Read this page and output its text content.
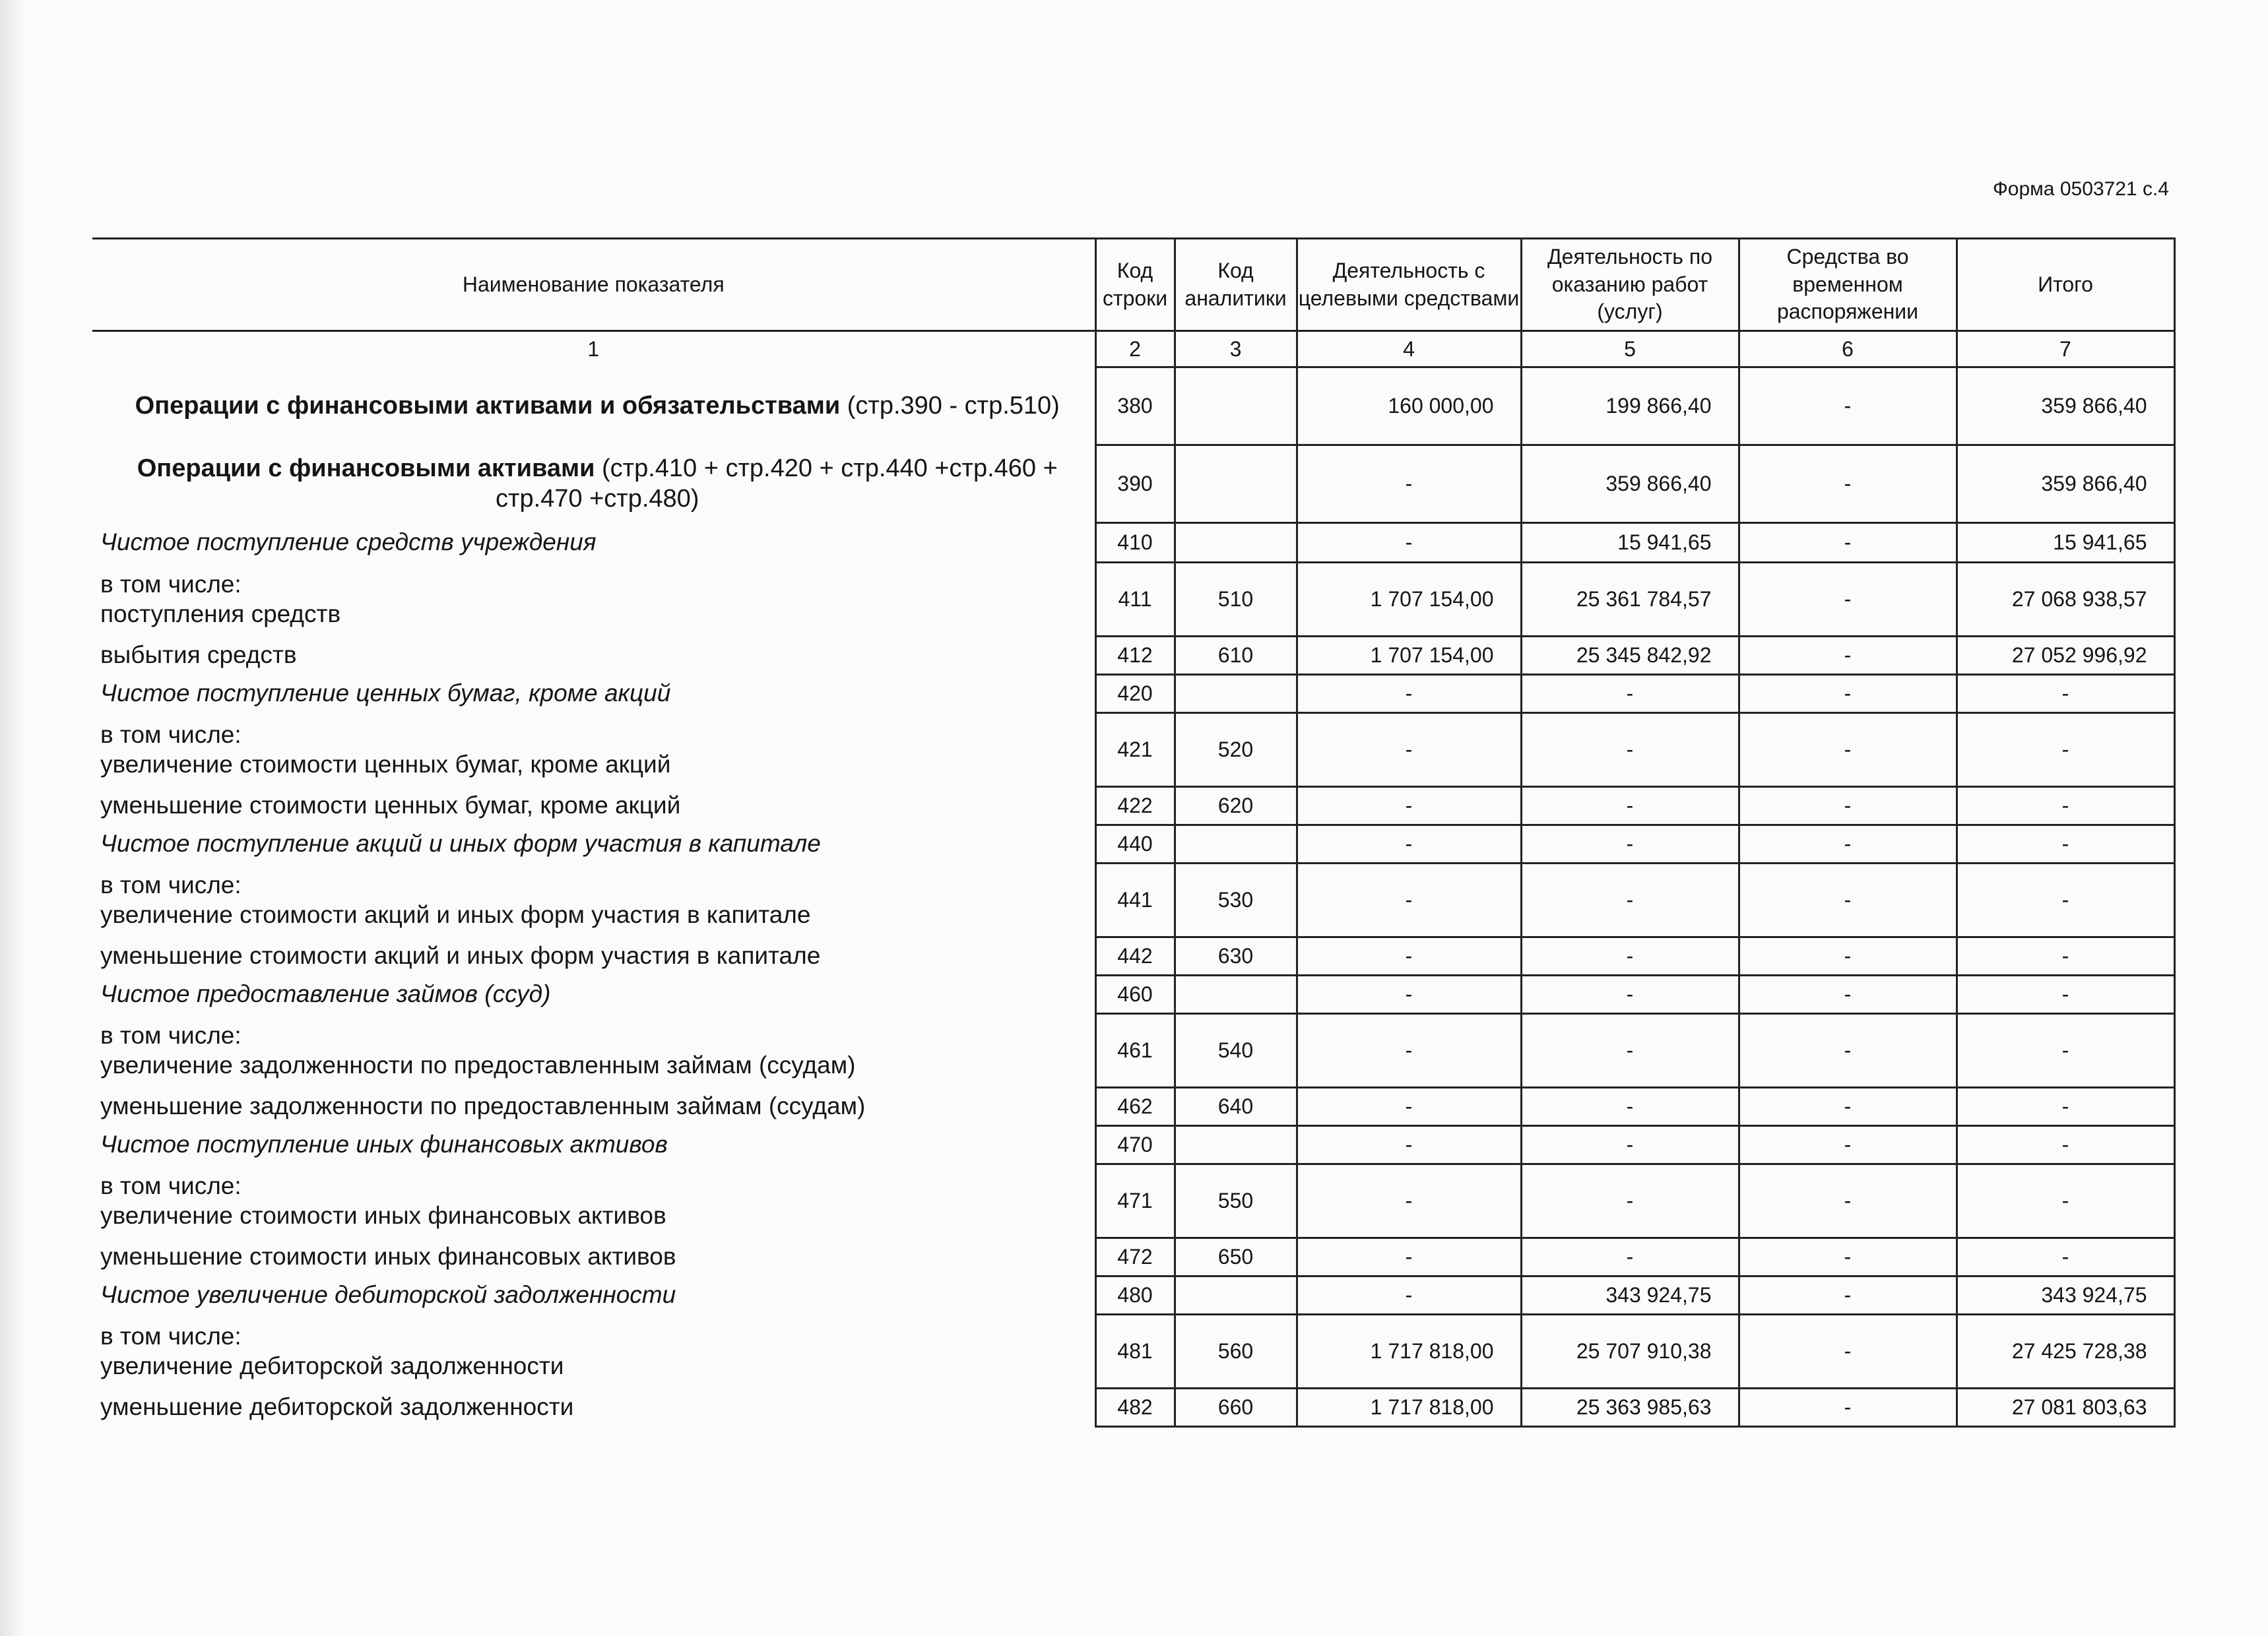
Форма 0503721 с.4
Наименование показателя	Код строки	Код аналитики	Деятельность с целевыми средствами	Деятельность по оказанию работ (услуг)	Средства во временном распоряжении	Итого
1	2	3	4	5	6	7
Операции с финансовыми активами и обязательствами (стр.390 - стр.510)	380		160 000,00	199 866,40	-	359 866,40
Операции с финансовыми активами (стр.410 + стр.420 + стр.440 +стр.460 + стр.470 +стр.480)	390		-	359 866,40	-	359 866,40

Чистое поступление средств учреждения	410		-	15 941,65	-	15 941,65

в том числе:
поступления средств	411	510	1 707 154,00	25 361 784,57	-	27 068 938,57

выбытия средств	412	610	1 707 154,00	25 345 842,92	-	27 052 996,92

Чистое поступление ценных бумаг, кроме акций	420		-	-	-	-

в том числе:
увеличение стоимости ценных бумаг, кроме акций	421	520	-	-	-	-

уменьшение стоимости ценных бумаг, кроме акций	422	620	-	-	-	-

Чистое поступление акций и иных форм участия в капитале	440		-	-	-	-

в том числе:
увеличение стоимости акций и иных форм участия в капитале	441	530	-	-	-	-

уменьшение стоимости акций и иных форм участия в капитале	442	630	-	-	-	-

Чистое предоставление займов (ссуд)	460		-	-	-	-

в том числе:
увеличение задолженности по предоставленным займам (ссудам)	461	540	-	-	-	-

уменьшение задолженности по предоставленным займам (ссудам)	462	640	-	-	-	-

Чистое поступление иных финансовых активов	470		-	-	-	-

в том числе:
увеличение стоимости иных финансовых активов	471	550	-	-	-	-

уменьшение стоимости иных финансовых активов	472	650	-	-	-	-

Чистое увеличение дебиторской задолженности	480		-	343 924,75	-	343 924,75

в том числе:
увеличение дебиторской задолженности	481	560	1 717 818,00	25 707 910,38	-	27 425 728,38

уменьшение дебиторской задолженности	482	660	1 717 818,00	25 363 985,63	-	27 081 803,63
